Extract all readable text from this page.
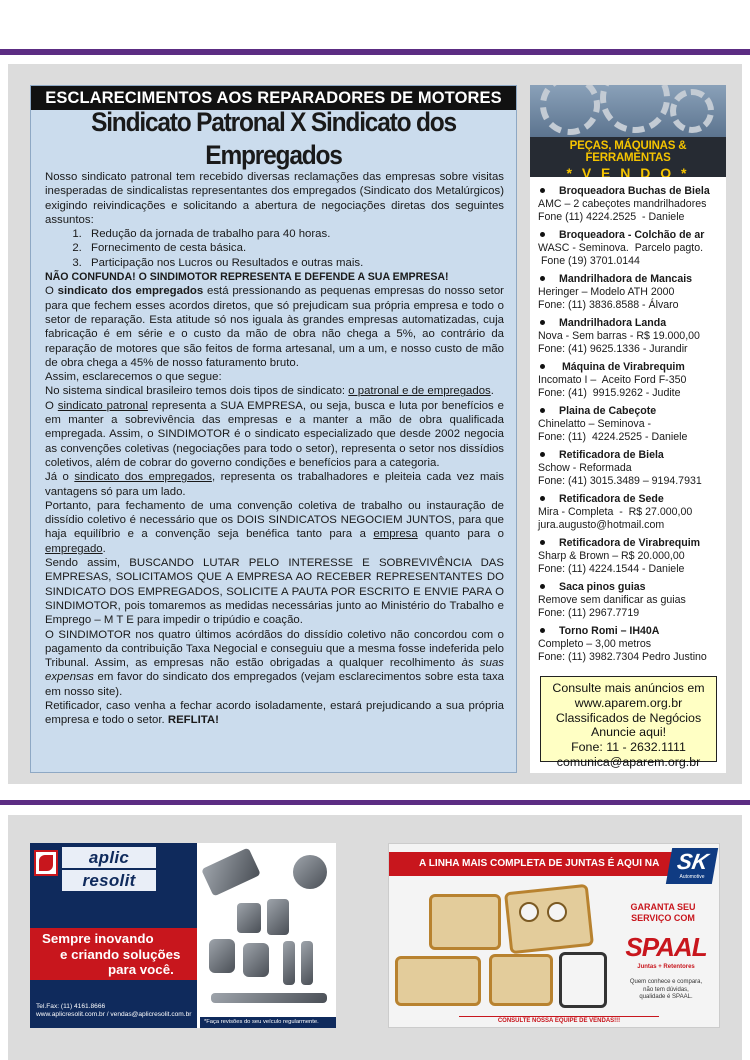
ESCLARECIMENTOS AOS REPARADORES DE MOTORES
Sindicato Patronal X Sindicato dos Empregados

Nosso sindicato patronal tem recebido diversas reclamações das empresas sobre visitas inesperadas de sindicalistas representantes dos empregados (Sindicato dos Metalúrgicos) exigindo reivindicações e solicitando a abertura de negociações diretas dos seguintes assuntos:

1. Redução da jornada de trabalho para 40 horas.
2. Fornecimento de cesta básica.
3. Participação nos Lucros ou Resultados e outras mais.

NÃO CONFUNDA! O SINDIMOTOR REPRESENTA E DEFENDE A SUA EMPRESA!

O sindicato dos empregados está pressionando as pequenas empresas do nosso setor para que fechem esses acordos diretos, que só prejudicam sua própria empresa e todo o setor de reparação. Esta atitude só nos iguala às grandes empresas automatizadas, cuja fabricação é em série e o custo da mão de obra não chega a 5%, ao contrário da reparação de motores que são feitos de forma artesanal, um a um, e nosso custo de mão de obra chega a 45% de nosso faturamento bruto.

Assim, esclarecemos o que segue:

No sistema sindical brasileiro temos dois tipos de sindicato: o patronal e de empregados.

O sindicato patronal representa a SUA EMPRESA, ou seja, busca e luta por benefícios e em manter a sobrevivência das empresas e a manter a mão de obra qualificada empregada. Assim, o SINDIMOTOR é o sindicato especializado que desde 2002 negocia as convenções coletivas (negociações para todo o setor), representa o setor nos dissídios coletivos, além de cobrar do governo condições e benefícios para a categoria.

Já o sindicato dos empregados, representa os trabalhadores e pleiteia cada vez mais vantagens só para um lado.

Portanto, para fechamento de uma convenção coletiva de trabalho ou instauração de dissídio coletivo é necessário que os DOIS SINDICATOS NEGOCIEM JUNTOS, para que haja equilíbrio e a convenção seja benéfica tanto para a empresa quanto para o empregado.

Sendo assim, BUSCANDO LUTAR PELO INTERESSE E SOBREVIVÊNCIA DAS EMPRESAS, SOLICITAMOS QUE A EMPRESA AO RECEBER REPRESENTANTES DO SINDICATO DOS EMPREGADOS, SOLICITE A PAUTA POR ESCRITO E ENVIE PARA O SINDIMOTOR, pois tomaremos as medidas necessárias junto ao Ministério do Trabalho e Emprego – M T E para impedir o tripúdio e coação.

O SINDIMOTOR nos quatro últimos acórdãos do dissídio coletivo não concordou com o pagamento da contribuição Taxa Negocial e conseguiu que a mesma fosse indeferida pelo Tribunal. Assim, as empresas não estão obrigadas a qualquer recolhimento às suas expensas em favor do sindicato dos empregados (vejam esclarecimentos sobre esta taxa em nosso site).

Retificador, caso venha a fechar acordo isoladamente, estará prejudicando a sua própria empresa e todo o setor. REFLITA!

PEÇAS, MÁQUINAS & FERRAMENTAS
* V E N D O *
Broqueadora Buchas de Biela
AMC – 2 cabeçotes mandrilhadores
Fone (11) 4224.2525  - Daniele
Broqueadora - Colchão de ar
WASC - Seminova.  Parcelo pagto.
Fone (19) 3701.0144
Mandrilhadora de Mancais
Heringer – Modelo ATH 2000
Fone: (11) 3836.8588 - Álvaro
Mandrilhadora Landa
Nova - Sem barras - R$ 19.000,00
Fone: (41) 9625.1336 - Jurandir
Máquina de Virabrequim
Incomato I –  Aceito Ford F-350
Fone: (41)  9915.9262 - Judite
Plaina de Cabeçote
Chinelatto – Seminova -
Fone: (11)  4224.2525 - Daniele
Retificadora de Biela
Schow - Reformada
Fone: (41) 3015.3489 – 9194.7931
Retificadora de Sede
Mira - Completa  -  R$ 27.000,00
jura.augusto@hotmail.com
Retificadora de Virabrequim
Sharp & Brown – R$ 20.000,00
Fone: (11) 4224.1544 - Daniele
Saca pinos guias
Remove sem danificar as guias
Fone: (11) 2967.7719
Torno Romi – IH40A
Completo – 3,00 metros
Fone: (11) 3982.7304 Pedro Justino
Consulte mais anúncios em
www.aparem.org.br
Classificados de Negócios
Anuncie aqui!
Fone: 11 - 2632.1111
comunica@aparem.org.br
aplic
resolit
Sempre inovando
e criando soluções
para você.
Tel.Fax: (11) 4161.8666
www.aplicresolit.com.br / vendas@aplicresolit.com.br
*Faça revisões do seu veículo regularmente.
A LINHA MAIS COMPLETA DE JUNTAS É AQUI NA SK
Automotive
GARANTA SEU
SERVIÇO COM
SPAAL
Juntas + Retentores
Quem conhece e compara,
não tem dúvidas,
qualidade é SPAAL.
CONSULTE NOSSA EQUIPE DE VENDAS!!!
